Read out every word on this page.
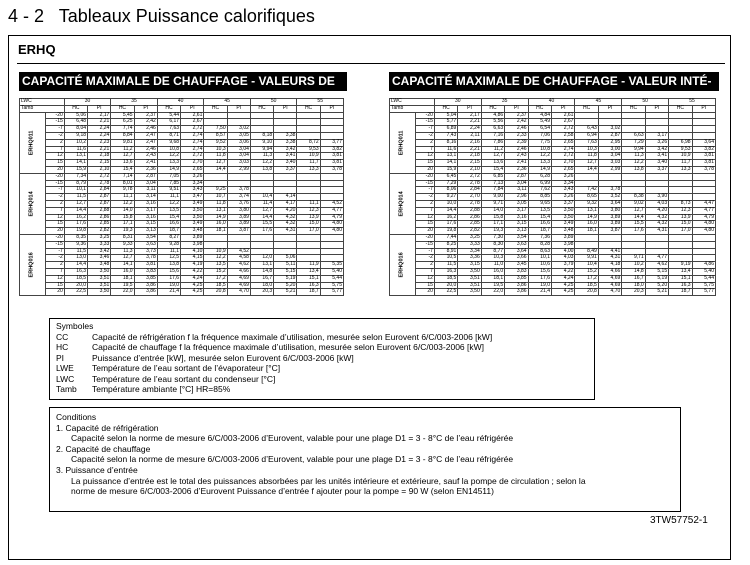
4 - 2 Tableaux Puissance calorifiques
ERHQ
CAPACITÉ MAXIMALE DE CHAUFFAGE - VALEURS DE	CAPACITÉ MAXIMALE DE CHAUFFAGE - VALEUR INTÉ-
LWC		30		35		40		45		50		55	
Tamb		HC	PI	HC	PI	HC	PI	HC	PI	HC	PI	HC	PI
ERHQ011	-20	5,06	2,17	5,45	2,37	5,44	2,61						
	-15	6,48	2,21	6,25	2,42	6,17	2,67						
	-7	8,04	2,24	7,74	2,46	7,63	2,72	7,50	3,02				
	-2	9,18	2,24	8,84	2,47	8,71	2,74	8,57	3,05	8,18	3,38		
	2	10,2	2,23	9,81	2,47	9,68	2,74	9,52	3,06	9,10	3,38	8,72	3,77
	7	11,6	2,21	11,2	2,46	10,8	2,74	10,3	3,04	9,94	3,42	9,53	3,82
	12	13,1	2,18	12,7	2,43	12,2	2,72	11,8	3,04	11,3	3,41	10,9	3,81
	15	14,1	2,15	13,6	2,41	13,3	2,70	12,7	3,03	12,2	3,40	11,7	3,81
	20	15,9	2,10	15,4	2,36	14,9	2,65	14,4	2,99	13,8	3,37	13,3	3,78
ERHQ014	-20	7,34	2,72	7,14	2,87	7,05	3,26						
	-15	8,79	2,78	8,01	3,04	7,85	3,34						
	-7	10,1	2,84	9,78	3,11	9,51	3,43	9,25	3,78				
	-2	11,5	2,87	11,1	3,14	11,1	3,47	10,7	3,74	10,4	4,14		
	2	12,7	2,87	12,2	3,16	12,2	3,49	11,8	3,76	11,4	4,17	11,1	4,52
	7	14,4	2,88	14,0	3,17	13,5	3,50	13,1	3,80	12,7	4,20	12,3	4,77
	12	16,2	2,86	15,8	3,16	15,4	3,50	14,9	3,89	14,4	4,32	13,9	4,79
	15	17,6	2,85	17,1	3,15	16,6	3,49	16,0	3,89	15,5	4,32	15,0	4,80
	20	19,8	2,82	19,3	3,13	18,7	3,48	18,1	3,87	17,6	4,31	17,0	4,80
ERHQ016	-20	8,35	3,25	8,31	3,54	8,27	3,89						
	-15	9,36	3,33	9,33	3,63	9,28	3,98						
	-7	11,5	3,42	11,3	3,73	11,1	4,10	10,9	4,52				
	-2	13,0	3,46	12,7	3,78	12,5	4,15	12,2	4,58	12,0	5,06		
	2	14,4	3,48	14,1	3,81	13,8	4,19	13,5	4,62	13,1	5,11	11,9	5,35
	7	16,3	3,50	16,0	3,83	15,6	4,22	15,2	4,66	14,8	5,15	13,4	5,40
	12	18,5	3,51	18,1	3,85	17,6	4,24	17,2	4,69	16,7	5,19	15,1	5,44
	15	20,0	3,51	19,5	3,86	19,0	4,25	18,5	4,69	18,0	5,20	16,3	5,75
	20	22,5	3,50	22,0	3,86	21,4	4,25	20,8	4,70	20,3	5,21	18,7	5,77
LWC		30		35		40		45		50		55	
Tamb		HC	PI	HC	PI	HC	PI	HC	PI	HC	PI	HC	PI
ERHQ011	-20	5,04	2,17	4,86	2,37	4,84	2,61						
	-15	5,77	2,21	5,56	2,42	5,49	2,67						
	-7	6,89	2,24	6,63	2,46	6,54	2,72	6,43	3,02				
	-2	7,43	2,11	7,16	2,33	7,06	2,58	6,94	2,87	6,63	3,17		
	2	8,16	2,16	7,86	2,39	7,75	2,65	7,63	2,95	7,29	3,26	6,98	3,64
	7	11,6	2,21	11,2	2,46	10,8	2,74	10,3	3,00	9,94	3,42	9,53	3,82
	12	13,1	2,18	12,7	2,43	12,2	2,72	11,8	3,04	11,3	3,41	10,9	3,81
	15	14,1	2,15	13,6	2,41	13,3	2,70	12,7	3,03	12,2	3,40	11,7	3,81
	20	15,9	2,10	15,4	2,36	14,9	2,65	14,4	2,99	13,8	3,37	13,3	3,78
ERHQ014	-20	6,45	2,72	6,85	2,87	6,28	3,26						
	-15	7,29	2,78	7,13	3,04	6,99	3,34						
	-7	8,06	2,84	7,84	3,11	7,62	3,43	7,42	3,78				
	-2	9,27	2,70	9,00	2,96	8,85	3,26	8,65	3,52	8,38	3,90		
	2	10,0	2,78	9,71	3,05	9,65	3,37	9,32	3,64	9,02	4,03	8,73	4,47
	7	14,4	2,88	14,0	3,17	13,5	3,50	13,1	3,80	12,7	4,20	12,3	4,77
	12	16,2	2,86	15,8	3,16	15,4	3,50	14,9	3,89	14,4	4,32	13,9	4,79
	15	17,6	2,85	17,1	3,15	16,6	3,49	16,0	3,89	15,5	4,32	15,0	4,80
	20	19,8	2,82	19,3	3,13	18,7	3,48	18,1	3,87	17,6	4,31	17,0	4,80
ERHQ016	-20	7,44	3,25	7,30	3,54	7,36	3,89						
	-15	8,25	3,33	8,30	3,63	8,28	3,98						
	-7	8,91	3,34	8,77	3,64	8,63	4,00	8,49	4,41				
	-2	10,5	3,36	10,3	3,66	10,1	4,03	9,91	4,31	9,71	4,77		
	2	11,5	3,15	11,0	3,45	10,6	3,79	10,4	4,18	10,2	4,62	9,19	4,86
	7	16,3	3,50	16,0	3,83	15,6	4,22	15,2	4,66	14,8	5,15	13,4	5,40
	12	18,5	3,51	18,1	3,85	17,6	4,24	17,2	4,69	16,7	5,19	15,1	5,44
	15	20,0	3,51	19,5	3,86	19,0	4,25	18,5	4,69	18,0	5,20	16,3	5,75
	20	22,5	3,50	22,0	3,86	21,4	4,25	20,8	4,70	20,3	5,21	18,7	5,77
Symboles
CC	Capacité de réfrigération f la fréquence maximale d’utilisation, mesurée selon Eurovent 6/C/003-2006 [kW]
HC	Capacité de chauffage f la fréquence maximale d’utilisation, mesurée selon Eurovent 6/C/003-2006 [kW]
PI	Puissance d’entrée [kW], mesurée selon Eurovent 6/C/003-2006 [kW]
LWE Température de l’eau sortant de l’évaporateur [°C]
LWC Température de l’eau sortant du condenseur [°C]
Tamb Température ambiante [°C] HR=85%
Conditions
1. Capacité de réfrigération
Capacité selon la norme de mesure 6/C/003-2006 d’Eurovent, valable pour une plage D1 = 3 - 8°C de l’eau réfrigérée
2. Capacité de chauffage
Capacité selon la norme de mesure 6/C/003-2006 d’Eurovent, valable pour une plage D1 = 3 - 8°C de l’eau réfrigérée
3. Puissance d’entrée
La puissance d’entrée est le total des puissances absorbées par les unités intérieure et extérieure, sauf la pompe de circulation ; selon la
norme de mesure 6/C/003-2006 d’Eurovent Puissance d’entrée f ajouter pour la pompe = 90 W (selon EN14511)
3TW57752-1
